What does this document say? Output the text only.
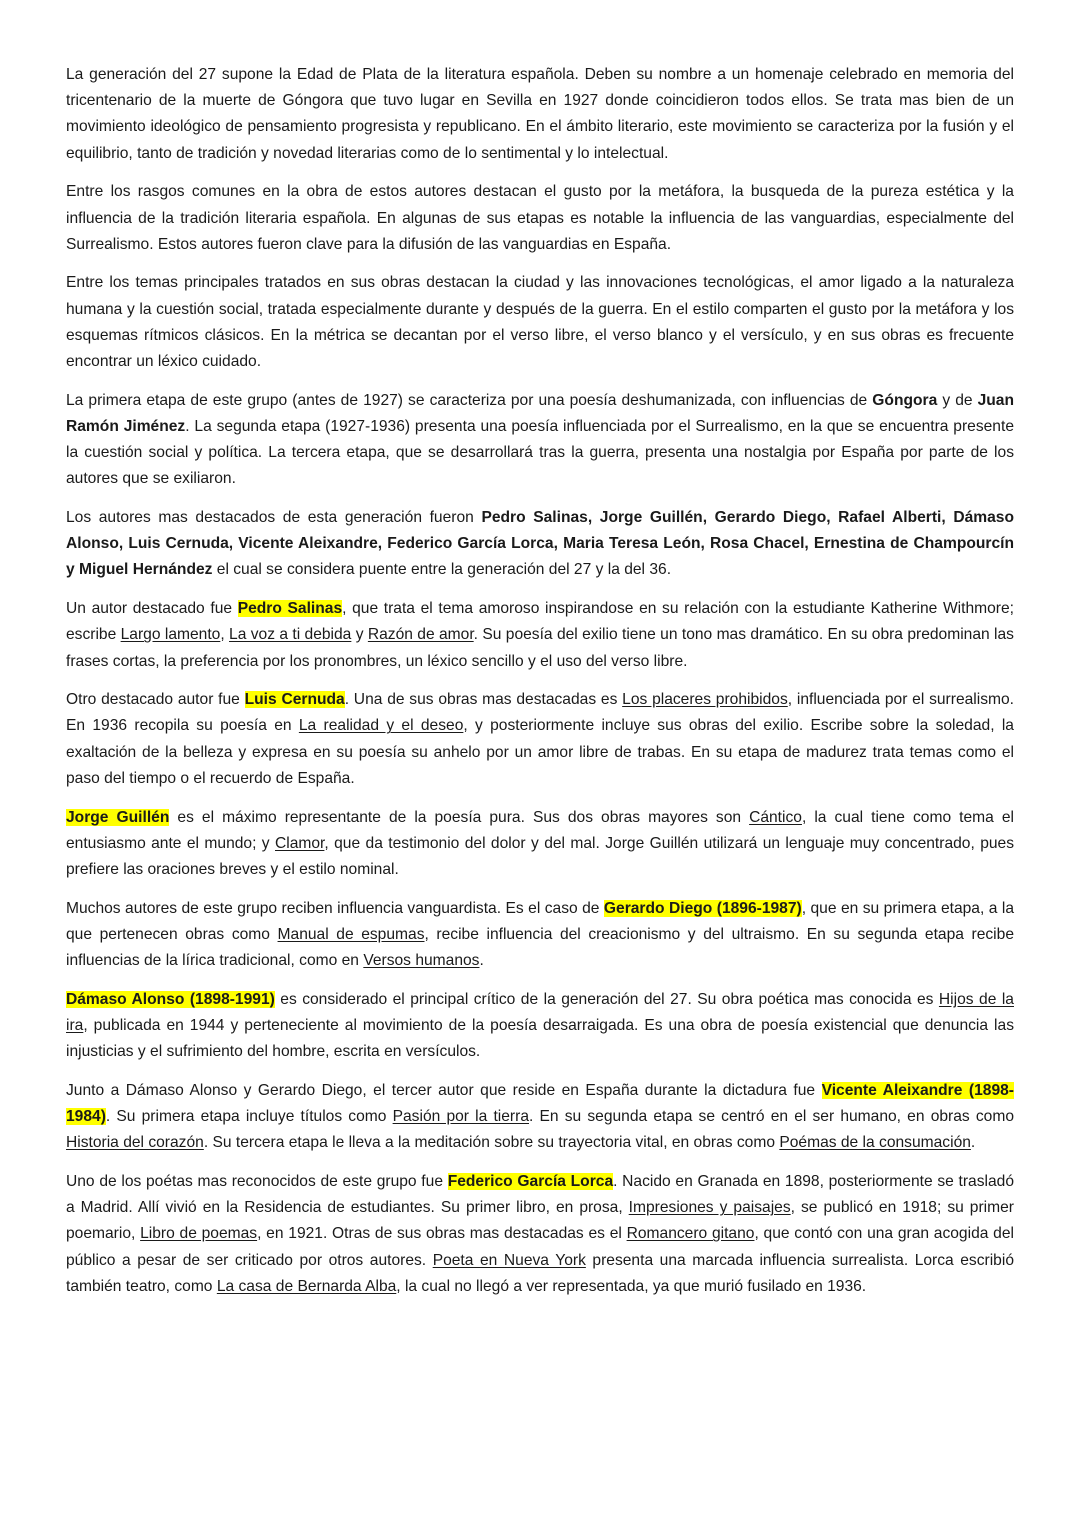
La generación del 27 supone la Edad de Plata de la literatura española. Deben su nombre a un homenaje celebrado en memoria del tricentenario de la muerte de Góngora que tuvo lugar en Sevilla en 1927 donde coincidieron todos ellos. Se trata mas bien de un movimiento ideológico de pensamiento progresista y republicano. En el ámbito literario, este movimiento se caracteriza por la fusión y el equilibrio, tanto de tradición y novedad literarias como de lo sentimental y lo intelectual.

Entre los rasgos comunes en la obra de estos autores destacan el gusto por la metáfora, la busqueda de la pureza estética y la influencia de la tradición literaria española. En algunas de sus etapas es notable la influencia de las vanguardias, especialmente del Surrealismo. Estos autores fueron clave para la difusión de las vanguardias en España.

Entre los temas principales tratados en sus obras destacan la ciudad y las innovaciones tecnológicas, el amor ligado a la naturaleza humana y la cuestión social, tratada especialmente durante y después de la guerra. En el estilo comparten el gusto por la metáfora y los esquemas rítmicos clásicos. En la métrica se decantan por el verso libre, el verso blanco y el versículo, y en sus obras es frecuente encontrar un léxico cuidado.

La primera etapa de este grupo (antes de 1927) se caracteriza por una poesía deshumanizada, con influencias de Góngora y de Juan Ramón Jiménez. La segunda etapa (1927-1936) presenta una poesía influenciada por el Surrealismo, en la que se encuentra presente la cuestión social y política. La tercera etapa, que se desarrollará tras la guerra, presenta una nostalgia por España por parte de los autores que se exiliaron.

Los autores mas destacados de esta generación fueron Pedro Salinas, Jorge Guillén, Gerardo Diego, Rafael Alberti, Dámaso Alonso, Luis Cernuda, Vicente Aleixandre, Federico García Lorca, Maria Teresa León, Rosa Chacel, Ernestina de Champourcín y Miguel Hernández el cual se considera puente entre la generación del 27 y la del 36.

Un autor destacado fue Pedro Salinas, que trata el tema amoroso inspirandose en su relación con la estudiante Katherine Withmore; escribe Largo lamento, La voz a ti debida y Razón de amor. Su poesía del exilio tiene un tono mas dramático. En su obra predominan las frases cortas, la preferencia por los pronombres, un léxico sencillo y el uso del verso libre.

Otro destacado autor fue Luis Cernuda. Una de sus obras mas destacadas es Los placeres prohibidos, influenciada por el surrealismo. En 1936 recopila su poesía en La realidad y el deseo, y posteriormente incluye sus obras del exilio. Escribe sobre la soledad, la exaltación de la belleza y expresa en su poesía su anhelo por un amor libre de trabas. En su etapa de madurez trata temas como el paso del tiempo o el recuerdo de España.

Jorge Guillén es el máximo representante de la poesía pura. Sus dos obras mayores son Cántico, la cual tiene como tema el entusiasmo ante el mundo; y Clamor, que da testimonio del dolor y del mal. Jorge Guillén utilizará un lenguaje muy concentrado, pues prefiere las oraciones breves y el estilo nominal.

Muchos autores de este grupo reciben influencia vanguardista. Es el caso de Gerardo Diego (1896-1987), que en su primera etapa, a la que pertenecen obras como Manual de espumas, recibe influencia del creacionismo y del ultraismo. En su segunda etapa recibe influencias de la lírica tradicional, como en Versos humanos.

Dámaso Alonso (1898-1991) es considerado el principal crítico de la generación del 27. Su obra poética mas conocida es Hijos de la ira, publicada en 1944 y perteneciente al movimiento de la poesía desarraigada. Es una obra de poesía existencial que denuncia las injusticias y el sufrimiento del hombre, escrita en versículos.

Junto a Dámaso Alonso y Gerardo Diego, el tercer autor que reside en España durante la dictadura fue Vicente Aleixandre (1898-1984). Su primera etapa incluye títulos como Pasión por la tierra. En su segunda etapa se centró en el ser humano, en obras como Historia del corazón. Su tercera etapa le lleva a la meditación sobre su trayectoria vital, en obras como Poémas de la consumación.

Uno de los poétas mas reconocidos de este grupo fue Federico García Lorca. Nacido en Granada en 1898, posteriormente se trasladó a Madrid. Allí vivió en la Residencia de estudiantes. Su primer libro, en prosa, Impresiones y paisajes, se publicó en 1918; su primer poemario, Libro de poemas, en 1921. Otras de sus obras mas destacadas es el Romancero gitano, que contó con una gran acogida del público a pesar de ser criticado por otros autores. Poeta en Nueva York presenta una marcada influencia surrealista. Lorca escribió también teatro, como La casa de Bernarda Alba, la cual no llegó a ver representada, ya que murió fusilado en 1936.
